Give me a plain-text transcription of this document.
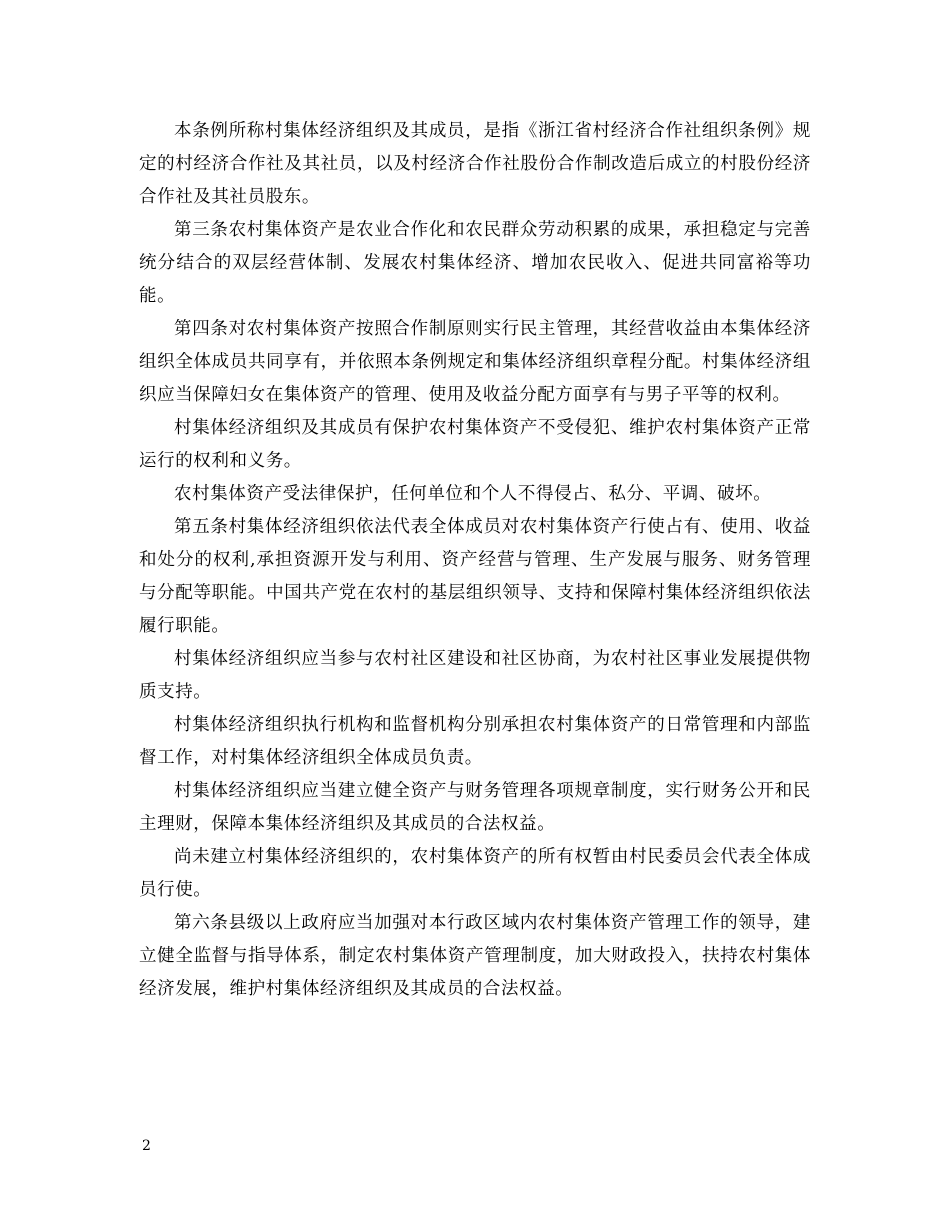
本条例所称村集体经济组织及其成员，是指《浙江省村经济合作社组织条例》规定的村经济合作社及其社员，以及村经济合作社股份合作制改造后成立的村股份经济合作社及其社员股东。

第三条农村集体资产是农业合作化和农民群众劳动积累的成果，承担稳定与完善统分结合的双层经营体制、发展农村集体经济、增加农民收入、促进共同富裕等功能。

第四条对农村集体资产按照合作制原则实行民主管理，其经营收益由本集体经济组织全体成员共同享有，并依照本条例规定和集体经济组织章程分配。村集体经济组织应当保障妇女在集体资产的管理、使用及收益分配方面享有与男子平等的权利。

村集体经济组织及其成员有保护农村集体资产不受侵犯、维护农村集体资产正常运行的权利和义务。

农村集体资产受法律保护，任何单位和个人不得侵占、私分、平调、破坏。

第五条村集体经济组织依法代表全体成员对农村集体资产行使占有、使用、收益和处分的权利,承担资源开发与利用、资产经营与管理、生产发展与服务、财务管理与分配等职能。中国共产党在农村的基层组织领导、支持和保障村集体经济组织依法履行职能。

村集体经济组织应当参与农村社区建设和社区协商，为农村社区事业发展提供物质支持。

村集体经济组织执行机构和监督机构分别承担农村集体资产的日常管理和内部监督工作，对村集体经济组织全体成员负责。

村集体经济组织应当建立健全资产与财务管理各项规章制度，实行财务公开和民主理财，保障本集体经济组织及其成员的合法权益。

尚未建立村集体经济组织的，农村集体资产的所有权暂由村民委员会代表全体成员行使。

第六条县级以上政府应当加强对本行政区域内农村集体资产管理工作的领导，建立健全监督与指导体系，制定农村集体资产管理制度，加大财政投入，扶持农村集体经济发展，维护村集体经济组织及其成员的合法权益。

2
